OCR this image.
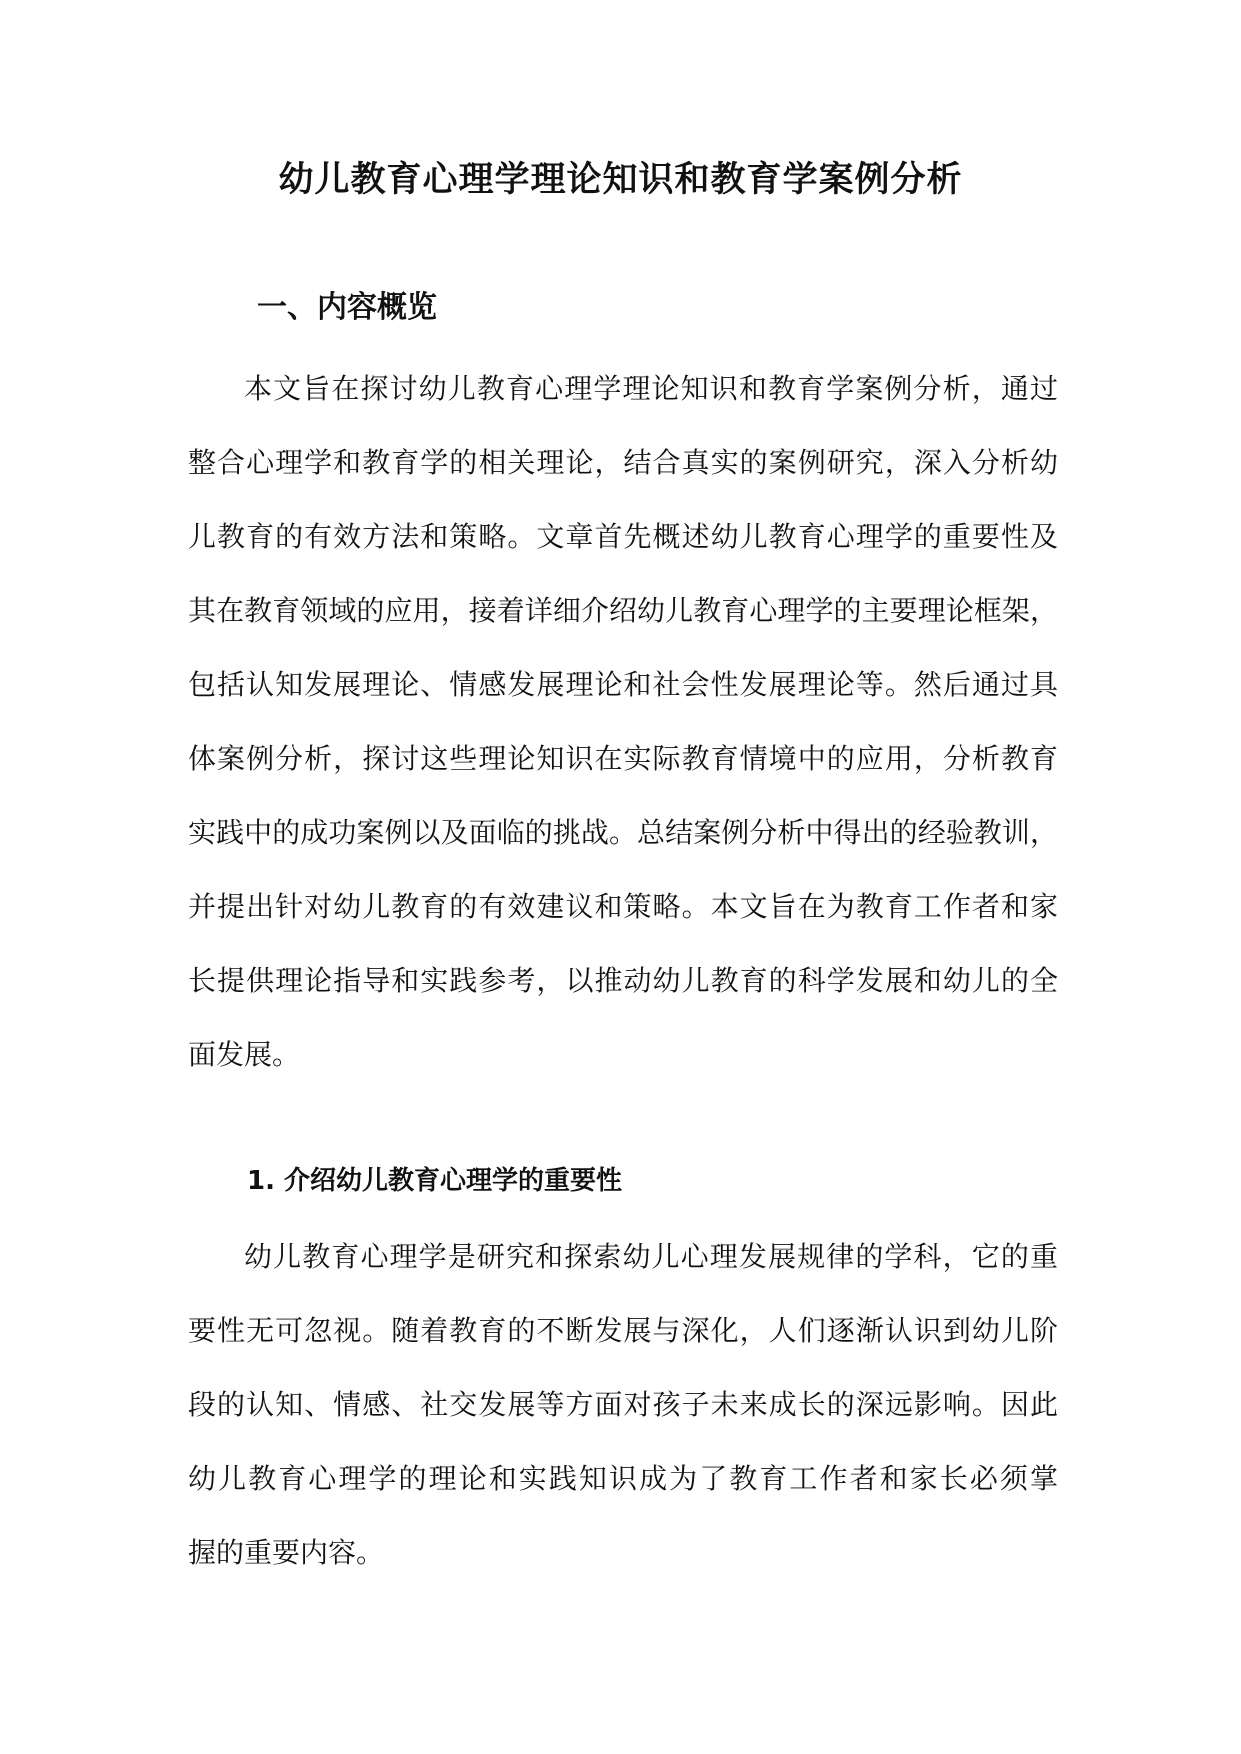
幼儿教育心理学理论知识和教育学案例分析
一、内容概览

本文旨在探讨幼儿教育心理学理论知识和教育学案例分析，通过
整合心理学和教育学的相关理论，结合真实的案例研究，深入分析幼
儿教育的有效方法和策略。文章首先概述幼儿教育心理学的重要性及
其在教育领域的应用，接着详细介绍幼儿教育心理学的主要理论框架，
包括认知发展理论、情感发展理论和社会性发展理论等。然后通过具
体案例分析，探讨这些理论知识在实际教育情境中的应用，分析教育
实践中的成功案例以及面临的挑战。总结案例分析中得出的经验教训，
并提出针对幼儿教育的有效建议和策略。本文旨在为教育工作者和家
长提供理论指导和实践参考，以推动幼儿教育的科学发展和幼儿的全
面发展。

1. 介绍幼儿教育心理学的重要性

幼儿教育心理学是研究和探索幼儿心理发展规律的学科，它的重
要性无可忽视。随着教育的不断发展与深化，人们逐渐认识到幼儿阶
段的认知、情感、社交发展等方面对孩子未来成长的深远影响。因此
幼儿教育心理学的理论和实践知识成为了教育工作者和家长必须掌
握的重要内容。
